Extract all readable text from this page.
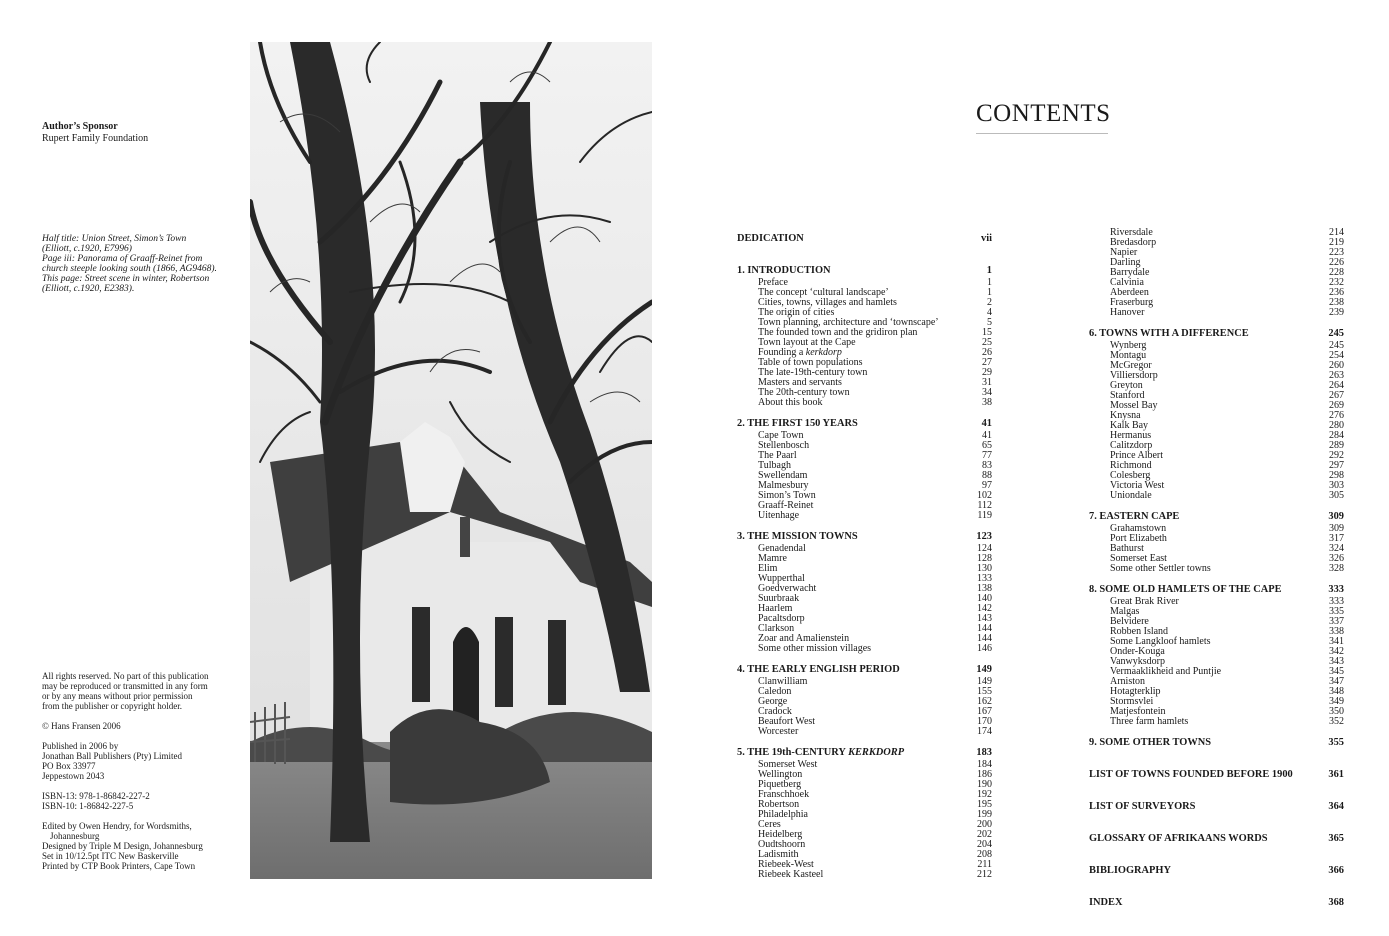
Author’s Sponsor
Rupert Family Foundation
Half title: Union Street, Simon’s Town
(Elliott, c.1920, E7996)
Page iii: Panorama of Graaff-Reinet from
church steeple looking south (1866, AG9468).
This page: Street scene in winter, Robertson
(Elliott, c.1920, E2383).
All rights reserved. No part of this publication
may be reproduced or transmitted in any form
or by any means without prior permission
from the publisher or copyright holder.
© Hans Fransen 2006
Published in 2006 by
Jonathan Ball Publishers (Pty) Limited
PO Box 33977
Jeppestown 2043
ISBN-13: 978-1-86842-227-2
ISBN-10: 1-86842-227-5
Edited by Owen Hendry, for Wordsmiths,
Johannesburg
Designed by Triple M Design, Johannesburg
Set in 10/12.5pt ITC New Baskerville
Printed by CTP Book Printers, Cape Town
CONTENTS
DEDICATION	vii
1. INTRODUCTION	1
Preface	1
The concept ‘cultural landscape’	1
Cities, towns, villages and hamlets	2
The origin of cities	4
Town planning, architecture and ‘townscape’	5
The founded town and the gridiron plan	15
Town layout at the Cape	25
Founding a kerkdorp	26
Table of town populations	27
The late-19th-century town	29
Masters and servants	31
The 20th-century town	34
About this book	38
2. THE FIRST 150 YEARS	41
Cape Town	41
Stellenbosch	65
The Paarl	77
Tulbagh	83
Swellendam	88
Malmesbury	97
Simon’s Town	102
Graaff-Reinet	112
Uitenhage	119
3. THE MISSION TOWNS	123
Genadendal	124
Mamre	128
Elim	130
Wupperthal	133
Goedverwacht	138
Suurbraak	140
Haarlem	142
Pacaltsdorp	143
Clarkson	144
Zoar and Amalienstein	144
Some other mission villages	146
4. THE EARLY ENGLISH PERIOD	149
Clanwilliam	149
Caledon	155
George	162
Cradock	167
Beaufort West	170
Worcester	174
5. THE 19th-CENTURY KERKDORP	183
Somerset West	184
Wellington	186
Piquetberg	190
Franschhoek	192
Robertson	195
Philadelphia	199
Ceres	200
Heidelberg	202
Oudtshoorn	204
Ladismith	208
Riebeek-West	211
Riebeek Kasteel	212
Riversdale	214
Bredasdorp	219
Napier	223
Darling	226
Barrydale	228
Calvinia	232
Aberdeen	236
Fraserburg	238
Hanover	239
6. TOWNS WITH A DIFFERENCE	245
Wynberg	245
Montagu	254
McGregor	260
Villiersdorp	263
Greyton	264
Stanford	267
Mossel Bay	269
Knysna	276
Kalk Bay	280
Hermanus	284
Calitzdorp	289
Prince Albert	292
Richmond	297
Colesberg	298
Victoria West	303
Uniondale	305
7. EASTERN CAPE	309
Grahamstown	309
Port Elizabeth	317
Bathurst	324
Somerset East	326
Some other Settler towns	328
8. SOME OLD HAMLETS OF THE CAPE	333
Great Brak River	333
Malgas	335
Belvidere	337
Robben Island	338
Some Langkloof hamlets	341
Onder-Kouga	342
Vanwyksdorp	343
Vermaaklikheid and Puntjie	345
Arniston	347
Hotagterklip	348
Stormsvlei	349
Matjesfontein	350
Three farm hamlets	352
9. SOME OTHER TOWNS	355
LIST OF TOWNS FOUNDED BEFORE 1900	361
LIST OF SURVEYORS	364
GLOSSARY OF AFRIKAANS WORDS	365
BIBLIOGRAPHY	366
INDEX	368
